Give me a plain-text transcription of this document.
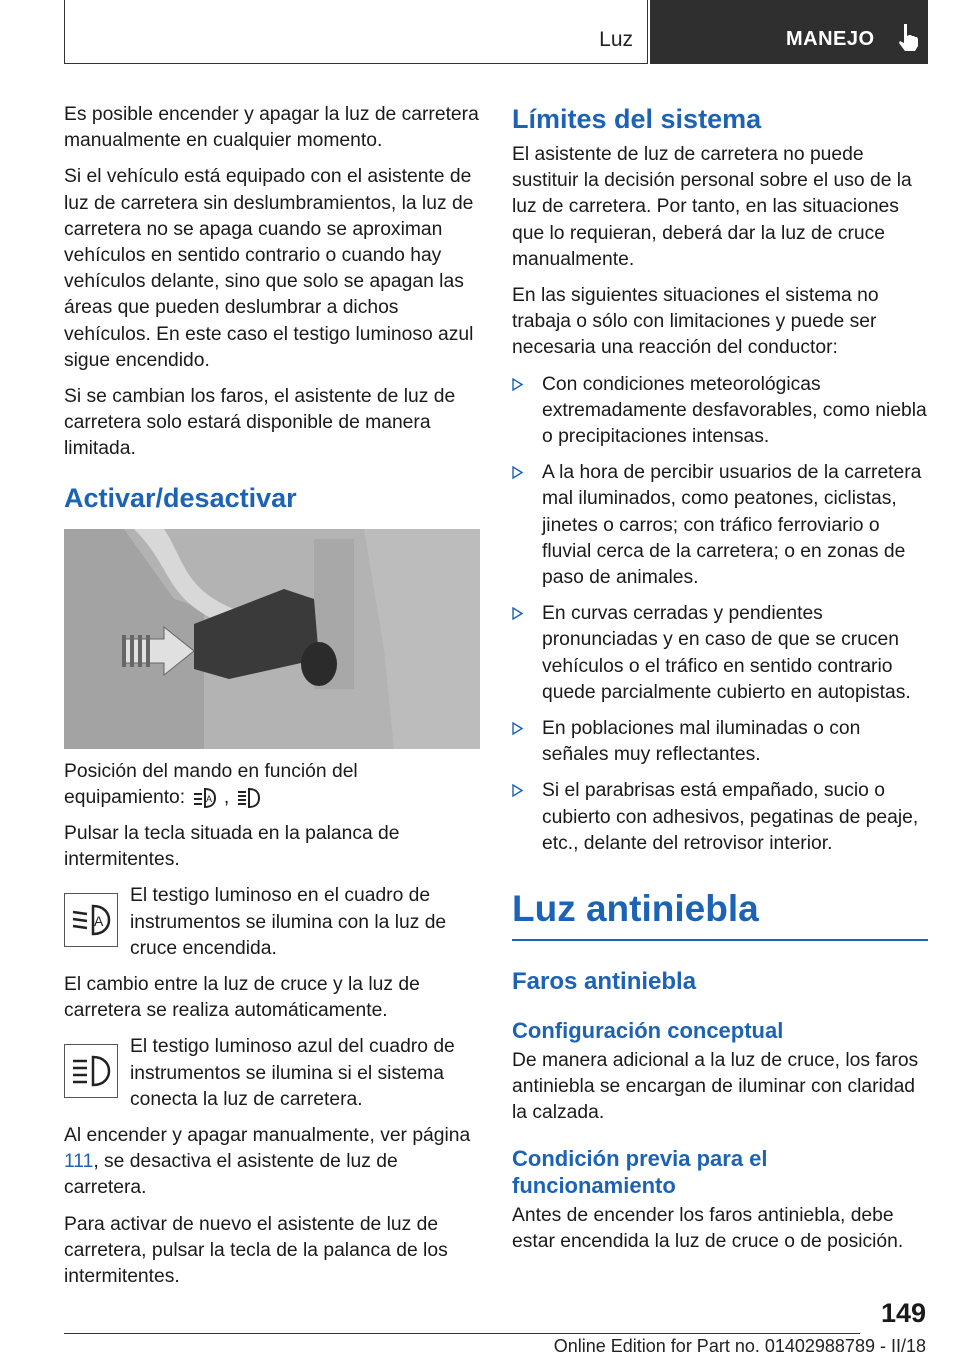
Luz	MANEJO

Es posible encender y apagar la luz de carretera manualmente en cualquier momento.

Si el vehículo está equipado con el asistente de luz de carretera sin deslumbramientos, la luz de carretera no se apaga cuando se aproximan vehículos en sentido contrario o cuando hay vehículos delante, sino que solo se apagan las áreas que pueden deslumbrar a dichos vehículos. En este caso el testigo luminoso azul sigue encendido.

Si se cambian los faros, el asistente de luz de carretera solo estará disponible de manera limitada.

Activar/desactivar

Posición del mando en función del equipamiento: A ,

Pulsar la tecla situada en la palanca de intermitentes.

A

El testigo luminoso en el cuadro de instrumentos se ilumina con la luz de cruce encendida.

El cambio entre la luz de cruce y la luz de carretera se realiza automáticamente.

El testigo luminoso azul del cuadro de instrumentos se ilumina si el sistema conecta la luz de carretera.

Al encender y apagar manualmente, ver página 111, se desactiva el asistente de luz de carretera.

Para activar de nuevo el asistente de luz de carretera, pulsar la tecla de la palanca de los intermitentes.

Límites del sistema

El asistente de luz de carretera no puede sustituir la decisión personal sobre el uso de la luz de carretera. Por tanto, en las situaciones que lo requieran, deberá dar la luz de cruce manualmente.

En las siguientes situaciones el sistema no trabaja o sólo con limitaciones y puede ser necesaria una reacción del conductor:

Con condiciones meteorológicas extremadamente desfavorables, como niebla o precipitaciones intensas.
A la hora de percibir usuarios de la carretera mal iluminados, como peatones, ciclistas, jinetes o carros; con tráfico ferroviario o fluvial cerca de la carretera; o en zonas de paso de animales.
En curvas cerradas y pendientes pronunciadas y en caso de que se crucen vehículos o el tráfico en sentido contrario quede parcialmente cubierto en autopistas.
En poblaciones mal iluminadas o con señales muy reflectantes.
Si el parabrisas está empañado, sucio o cubierto con adhesivos, pegatinas de peaje, etc., delante del retrovisor interior.
Luz antiniebla
Faros antiniebla
Configuración conceptual

De manera adicional a la luz de cruce, los faros antiniebla se encargan de iluminar con claridad la calzada.

Condición previa para el funcionamiento

Antes de encender los faros antiniebla, debe estar encendida la luz de cruce o de posición.

149
Online Edition for Part no. 01402988789 - II/18
